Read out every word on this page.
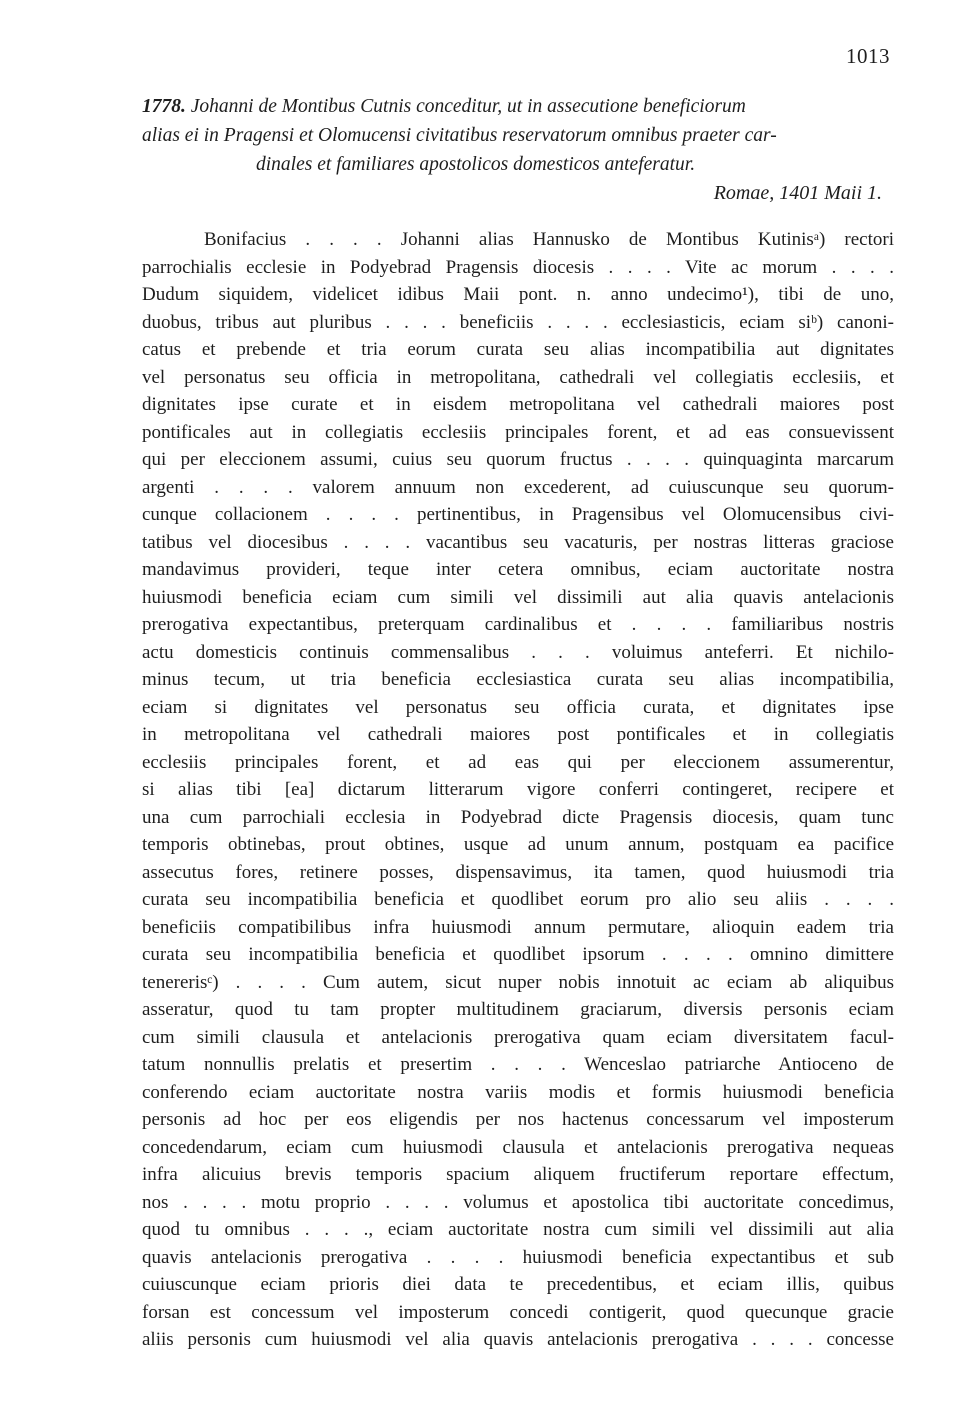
1013
1778. Johanni de Montibus Cutnis conceditur, ut in assecutione beneficiorum
alias ei in Pragensi et Olomucensi civitatibus reservatorum omnibus praeter car-
dinales et familiares apostolicos domesticos anteferatur.
Romae, 1401 Maii 1.
Bonifacius . . . . Johanni alias Hannusko de Montibus Kutinisᵃ) rectori
parrochialis ecclesie in Podyebrad Pragensis diocesis . . . . Vite ac morum . . . .
Dudum siquidem, videlicet idibus Maii pont. n. anno undecimo¹), tibi de uno,
duobus, tribus aut pluribus . . . . beneficiis . . . . ecclesiasticis, eciam siᵇ) canoni-
catus et prebende et tria eorum curata seu alias incompatibilia aut dignitates
vel personatus seu officia in metropolitana, cathedrali vel collegiatis ecclesiis, et
dignitates ipse curate et in eisdem metropolitana vel cathedrali maiores post
pontificales aut in collegiatis ecclesiis principales forent, et ad eas consuevissent
qui per eleccionem assumi, cuius seu quorum fructus . . . . quinquaginta marcarum
argenti . . . . valorem annuum non excederent, ad cuiuscunque seu quorum-
cunque collacionem . . . . pertinentibus, in Pragensibus vel Olomucensibus civi-
tatibus vel diocesibus . . . . vacantibus seu vacaturis, per nostras litteras graciose
mandavimus provideri, teque inter cetera omnibus, eciam auctoritate nostra
huiusmodi beneficia eciam cum simili vel dissimili aut alia quavis antelacionis
prerogativa expectantibus, preterquam cardinalibus et . . . . familiaribus nostris
actu domesticis continuis commensalibus . . . voluimus anteferri. Et nichilo-
minus tecum, ut tria beneficia ecclesiastica curata seu alias incompatibilia,
eciam si dignitates vel personatus seu officia curata, et dignitates ipse
in metropolitana vel cathedrali maiores post pontificales et in collegiatis
ecclesiis principales forent, et ad eas qui per eleccionem assumerentur,
si alias tibi [ea] dictarum litterarum vigore conferri contingeret, recipere et
una cum parrochiali ecclesia in Podyebrad dicte Pragensis diocesis, quam tunc
temporis obtinebas, prout obtines, usque ad unum annum, postquam ea pacifice
assecutus fores, retinere posses, dispensavimus, ita tamen, quod huiusmodi tria
curata seu incompatibilia beneficia et quodlibet eorum pro alio seu aliis . . . .
beneficiis compatibilibus infra huiusmodi annum permutare, alioquin eadem tria
curata seu incompatibilia beneficia et quodlibet ipsorum . . . . omnino dimittere
tenererisᶜ) . . . . Cum autem, sicut nuper nobis innotuit ac eciam ab aliquibus
asseratur, quod tu tam propter multitudinem graciarum, diversis personis eciam
cum simili clausula et antelacionis prerogativa quam eciam diversitatem facul-
tatum nonnullis prelatis et presertim . . . . Wenceslao patriarche Antioceno de
conferendo eciam auctoritate nostra variis modis et formis huiusmodi beneficia
personis ad hoc per eos eligendis per nos hactenus concessarum vel imposterum
concedendarum, eciam cum huiusmodi clausula et antelacionis prerogativa nequeas
infra alicuius brevis temporis spacium aliquem fructiferum reportare effectum,
nos . . . . motu proprio . . . . volumus et apostolica tibi auctoritate concedimus,
quod tu omnibus . . . ., eciam auctoritate nostra cum simili vel dissimili aut alia
quavis antelacionis prerogativa . . . . huiusmodi beneficia expectantibus et sub
cuiuscunque eciam prioris diei data te precedentibus, et eciam illis, quibus
forsan est concessum vel imposterum concedi contigerit, quod quecunque gracie
aliis personis cum huiusmodi vel alia quavis antelacionis prerogativa . . . . concesse
